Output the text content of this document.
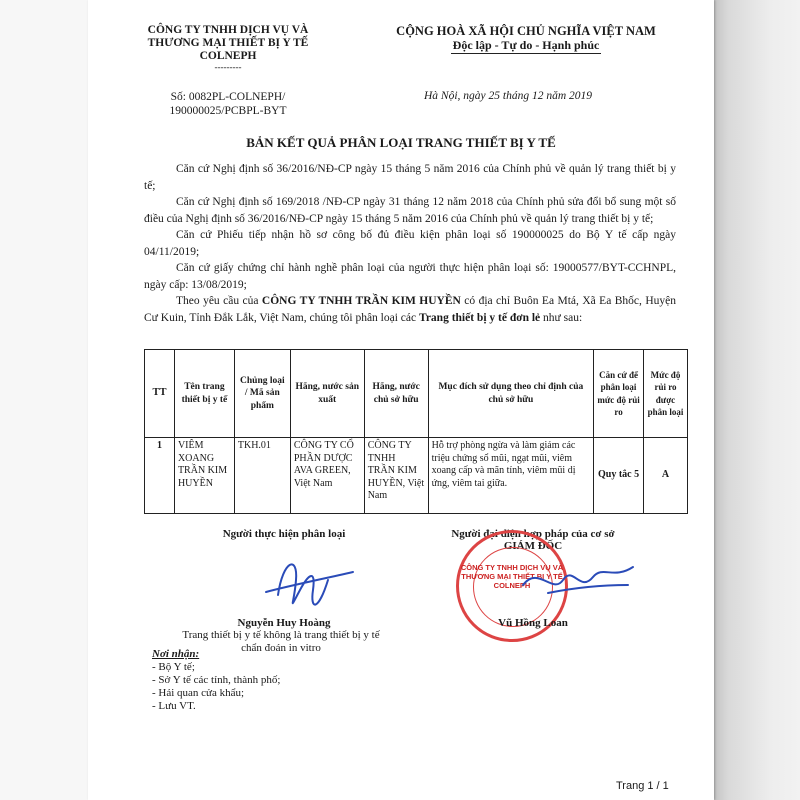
CÔNG TY TNHH DỊCH VỤ VÀ
THƯƠNG MẠI THIẾT BỊ Y TẾ
COLNEPH
---------
Số: 0082PL-COLNEPH/
190000025/PCBPL-BYT
CỘNG HOÀ XÃ HỘI CHỦ NGHĨA VIỆT NAM
Độc lập - Tự do - Hạnh phúc
Hà Nội, ngày 25 tháng 12 năm 2019
BẢN KẾT QUẢ PHÂN LOẠI TRANG THIẾT BỊ Y TẾ
Căn cứ Nghị định số 36/2016/NĐ-CP ngày 15 tháng 5 năm 2016 của Chính phủ về quản lý trang thiết bị y tế;
Căn cứ Nghị định số 169/2018 /NĐ-CP ngày 31 tháng 12 năm 2018 của Chính phủ sửa đổi bổ sung một số điều của Nghị định số 36/2016/NĐ-CP ngày 15 tháng 5 năm 2016 của Chính phủ về quản lý trang thiết bị y tế;
Căn cứ Phiếu tiếp nhận hồ sơ công bố đủ điều kiện phân loại số 190000025 do Bộ Y tế cấp ngày 04/11/2019;
Căn cứ giấy chứng chỉ hành nghề phân loại của người thực hiện phân loại số: 19000577/BYT-CCHNPL, ngày cấp: 13/08/2019;
Theo yêu cầu của CÔNG TY TNHH TRẦN KIM HUYỀN có địa chỉ Buôn Ea Mtá, Xã Ea Bhốc, Huyện Cư Kuin, Tỉnh Đắk Lắk, Việt Nam, chúng tôi phân loại các Trang thiết bị y tế đơn lẻ như sau:
TT	Tên trang thiết bị y tế	Chủng loại / Mã sản phẩm	Hãng, nước sản xuất	Hãng, nước chủ sở hữu	Mục đích sử dụng theo chỉ định của chủ sở hữu	Căn cứ để phân loại mức độ rủi ro	Mức độ rủi ro được phân loại
1	VIÊM XOANG TRẦN KIM HUYỀN	TKH.01	CÔNG TY CỔ PHẦN DƯỢC AVA GREEN, Việt Nam	CÔNG TY TNHH TRẦN KIM HUYỀN, Việt Nam	Hỗ trợ phòng ngừa và làm giảm các triệu chứng sổ mũi, ngạt mũi, viêm xoang cấp và mãn tính, viêm mũi dị ứng, viêm tai giữa.	Quy tắc 5	A
Người thực hiện phân loại
Nguyễn Huy Hoàng
Trang thiết bị y tế không là trang thiết bị y tế chẩn đoán in vitro
Người đại diện hợp pháp của cơ sở
GIÁM ĐỐC
CÔNG TY TNHH DỊCH VỤ VÀ THƯƠNG MẠI THIẾT BỊ Y TẾ COLNEPH
Vũ Hồng Loan
Nơi nhận:
- Bộ Y tế;
- Sở Y tế các tỉnh, thành phố;
- Hải quan cửa khẩu;
- Lưu VT.
Trang 1 / 1
